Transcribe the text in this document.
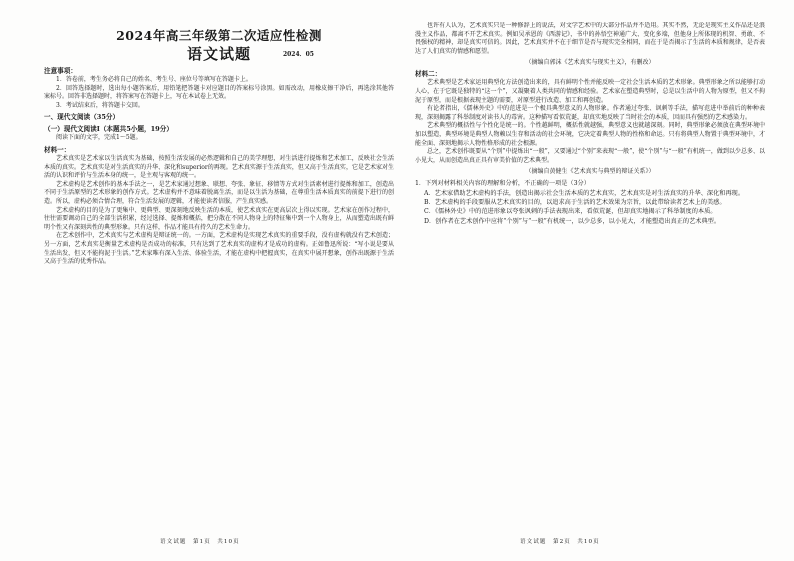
2024年高三年级第二次适应性检测
语文试题	2024．05
注意事项：

1．答卷前，考生务必将自己的姓名、考生号、座位号等填写在答题卡上。

2．回答选择题时，选出每小题答案后，用铅笔把答题卡对应题目的答案标号涂黑。如需改动，用橡皮擦干净后，再选涂其他答案标号。回答非选择题时，将答案写在答题卡上，写在本试卷上无效。

3．考试结束后，将答题卡交回。

一、现代文阅读（35分）
（一）现代文阅读Ⅰ（本题共5小题，19分）

阅读下面的文字，完成1～5题。

材料一：

艺术真实是艺术家以生活真实为基础，按照生活发展的必然逻辑和自己的美学理想，对生活进行提炼和艺术加工，反映社会生活本质的真实。艺术真实是对生活真实的升华、深化和superior的再现。艺术真实源于生活真实，但又高于生活真实，它是艺术家对生活的认识和评价与生活本身的统一，是主观与客观的统一。

艺术虚构是艺术创作的基本手法之一，是艺术家通过想象、联想、夸张、象征、移情等方式对生活素材进行提炼和加工，创造出不同于生活原型的艺术形象的创作方式。艺术虚构并不意味着脱离生活，而是以生活为基础，在尊重生活本质真实的前提下进行的创造。所以，虚构必须合情合理，符合生活发展的逻辑，才能使读者信服，产生真实感。

艺术虚构的目的是为了更集中、更典型、更深刻地反映生活的本质，使艺术真实在更高层次上得以实现。艺术家在创作过程中，往往需要调动自己的全部生活积累，经过选择、提炼和概括，把分散在不同人物身上的特征集中到一个人物身上，从而塑造出既有鲜明个性又有深刻共性的典型形象。只有这样，作品才能具有持久的艺术生命力。

在艺术创作中，艺术真实与艺术虚构是辩证统一的。一方面，艺术虚构是实现艺术真实的重要手段，没有虚构就没有艺术创造；另一方面，艺术真实是衡量艺术虚构是否成功的标准，只有达到了艺术真实的虚构才是成功的虚构。正如鲁迅所说：“写小说是要从生活出发，但又不能拘泥于生活。”艺术家唯有深入生活、体验生活，才能在虚构中把握真实，在真实中展开想象，创作出既源于生活又高于生活的优秀作品。

也许有人认为，艺术真实只是一种修辞上的说法，对文学艺术中的大部分作品并不适用。其实不然，无论是现实主义作品还是浪漫主义作品，都离不开艺术真实。例如吴承恩的《西游记》，书中的孙悟空神通广大、变化多端，但他身上所体现的机智、勇敢、不畏强权的精神，却是真实可信的。因此，艺术真实并不在于细节是否与现实完全相同，而在于是否揭示了生活的本质和规律，是否表达了人们真实的情感和愿望。

（摘编自郭沫《艺术真实与现实主义》，有删改）
材料二：

艺术典型是艺术家运用典型化方法创造出来的，具有鲜明个性并能反映一定社会生活本质的艺术形象。典型形象之所以能够打动人心，在于它既是独特的“这一个”，又凝聚着人类共同的情感和经验。艺术家在塑造典型时，总是以生活中的人物为原型，但又不拘泥于原型，而是根据表现主题的需要，对原型进行改造、加工和再创造。

有论者指出，《儒林外史》中的范进是一个极具典型意义的人物形象。作者通过夸张、讽刺等手法，描写范进中举前后的种种表现，深刻揭露了科举制度对读书人的毒害。这种描写看似荒诞，却真实地反映了当时社会的本质，因而具有强烈的艺术感染力。

艺术典型的概括性与个性化是统一的。个性越鲜明，概括性就越强，典型意义也就越深刻。同时，典型形象必须放在典型环境中加以塑造，典型环境是典型人物赖以生存和活动的社会环境，它决定着典型人物的性格和命运。只有将典型人物置于典型环境中，才能全面、深刻地揭示人物性格形成的社会根源。

总之，艺术创作既要从“个别”中提炼出“一般”，又要通过“个别”来表现“一般”，使“个别”与“一般”有机统一，做到以少总多、以小见大，从而创造出真正具有审美价值的艺术典型。

（摘编自黄健生《艺术真实与典型的辩证关系》）

1．下列对材料相关内容的理解和分析，不正确的一项是（3分）

A．艺术家借助艺术虚构的手法，创造出揭示社会生活本质的艺术真实，艺术真实是对生活真实的升华、深化和再现。

B．艺术虚构的手段要服从艺术真实的目的，以追求高于生活的艺术效果为宗旨，以此带给读者艺术上的美感。

C．《儒林外史》中的范进形象以夸张讽刺的手法表现出来，看似荒诞，但却真实地揭示了科举制度的本质。

D．创作者在艺术创作中应将“个别”与“一般”有机统一，以少总多，以小见大，才能塑造出真正的艺术典型。

语文试题　第1页　共10页	语文试题　第2页　共10页
